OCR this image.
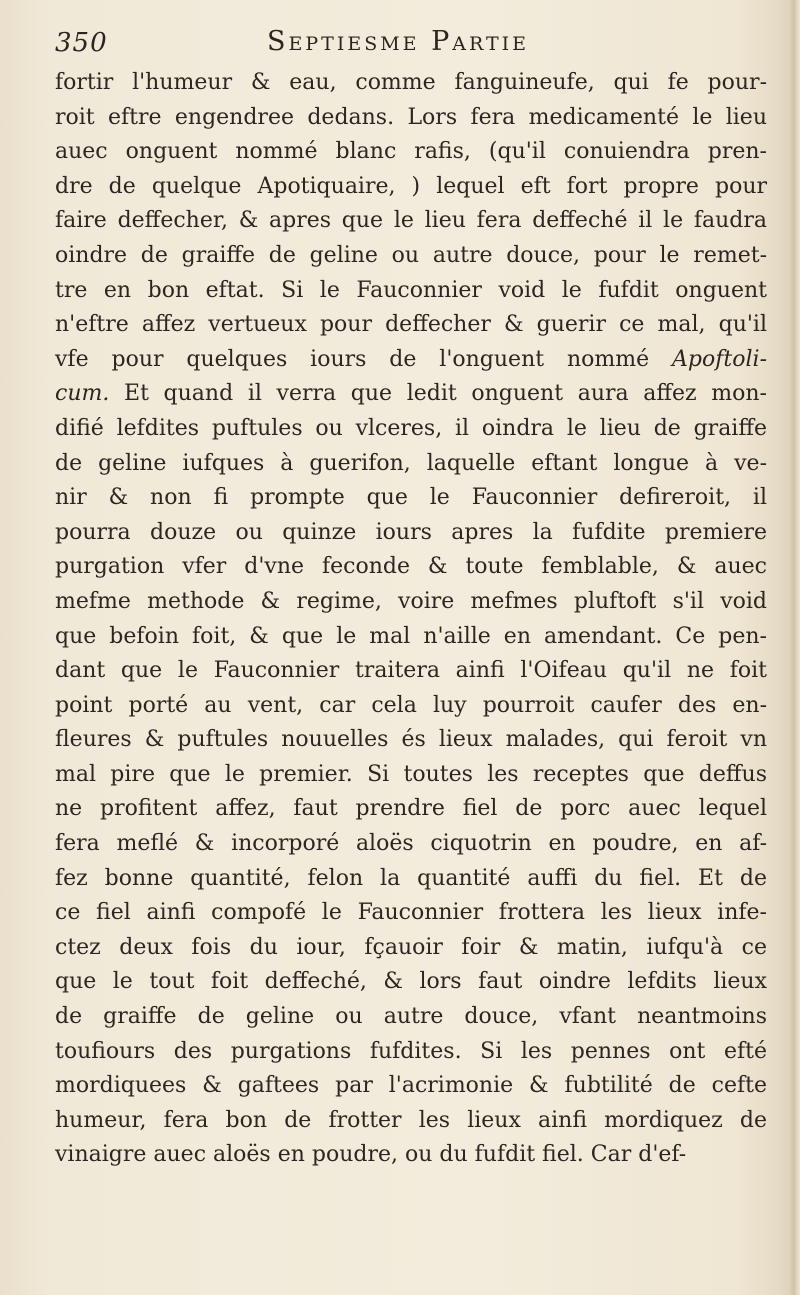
350	Septiesme Partie
fortir l'humeur & eau, comme fanguineufe, qui fe pour-
roit eftre engendree dedans. Lors fera medicamenté le lieu
auec onguent nommé blanc rafis, (qu'il conuiendra pren-
dre de quelque Apotiquaire, ) lequel eft fort propre pour
faire deffecher, & apres que le lieu fera deffeché il le faudra
oindre de graiffe de geline ou autre douce, pour le remet-
tre en bon eftat. Si le Fauconnier void le fufdit onguent
n'eftre affez vertueux pour deffecher & guerir ce mal, qu'il
vfe pour quelques iours de l'onguent nommé Apoftoli-
cum. Et quand il verra que ledit onguent aura affez mon-
difié lefdites puftules ou vlceres, il oindra le lieu de graiffe
de geline iufques à guerifon, laquelle eftant longue à ve-
nir & non fi prompte que le Fauconnier defireroit, il
pourra douze ou quinze iours apres la fufdite premiere
purgation vfer d'vne feconde & toute femblable, & auec
mefme methode & regime, voire mefmes pluftoft s'il void
que befoin foit, & que le mal n'aille en amendant. Ce pen-
dant que le Fauconnier traitera ainfi l'Oifeau qu'il ne foit
point porté au vent, car cela luy pourroit caufer des en-
fleures & puftules nouuelles és lieux malades, qui feroit vn
mal pire que le premier. Si toutes les receptes que deffus
ne profitent affez, faut prendre fiel de porc auec lequel
fera meflé & incorporé aloës ciquotrin en poudre, en af-
fez bonne quantité, felon la quantité auffi du fiel. Et de
ce fiel ainfi compofé le Fauconnier frottera les lieux infe-
ctez deux fois du iour, fçauoir foir & matin, iufqu'à ce
que le tout foit deffeché, & lors faut oindre lefdits lieux
de graiffe de geline ou autre douce, vfant neantmoins
toufiours des purgations fufdites. Si les pennes ont efté
mordiquees & gaftees par l'acrimonie & fubtilité de cefte
humeur, fera bon de frotter les lieux ainfi mordiquez de
vinaigre auec aloës en poudre, ou du fufdit fiel. Car d'ef-
